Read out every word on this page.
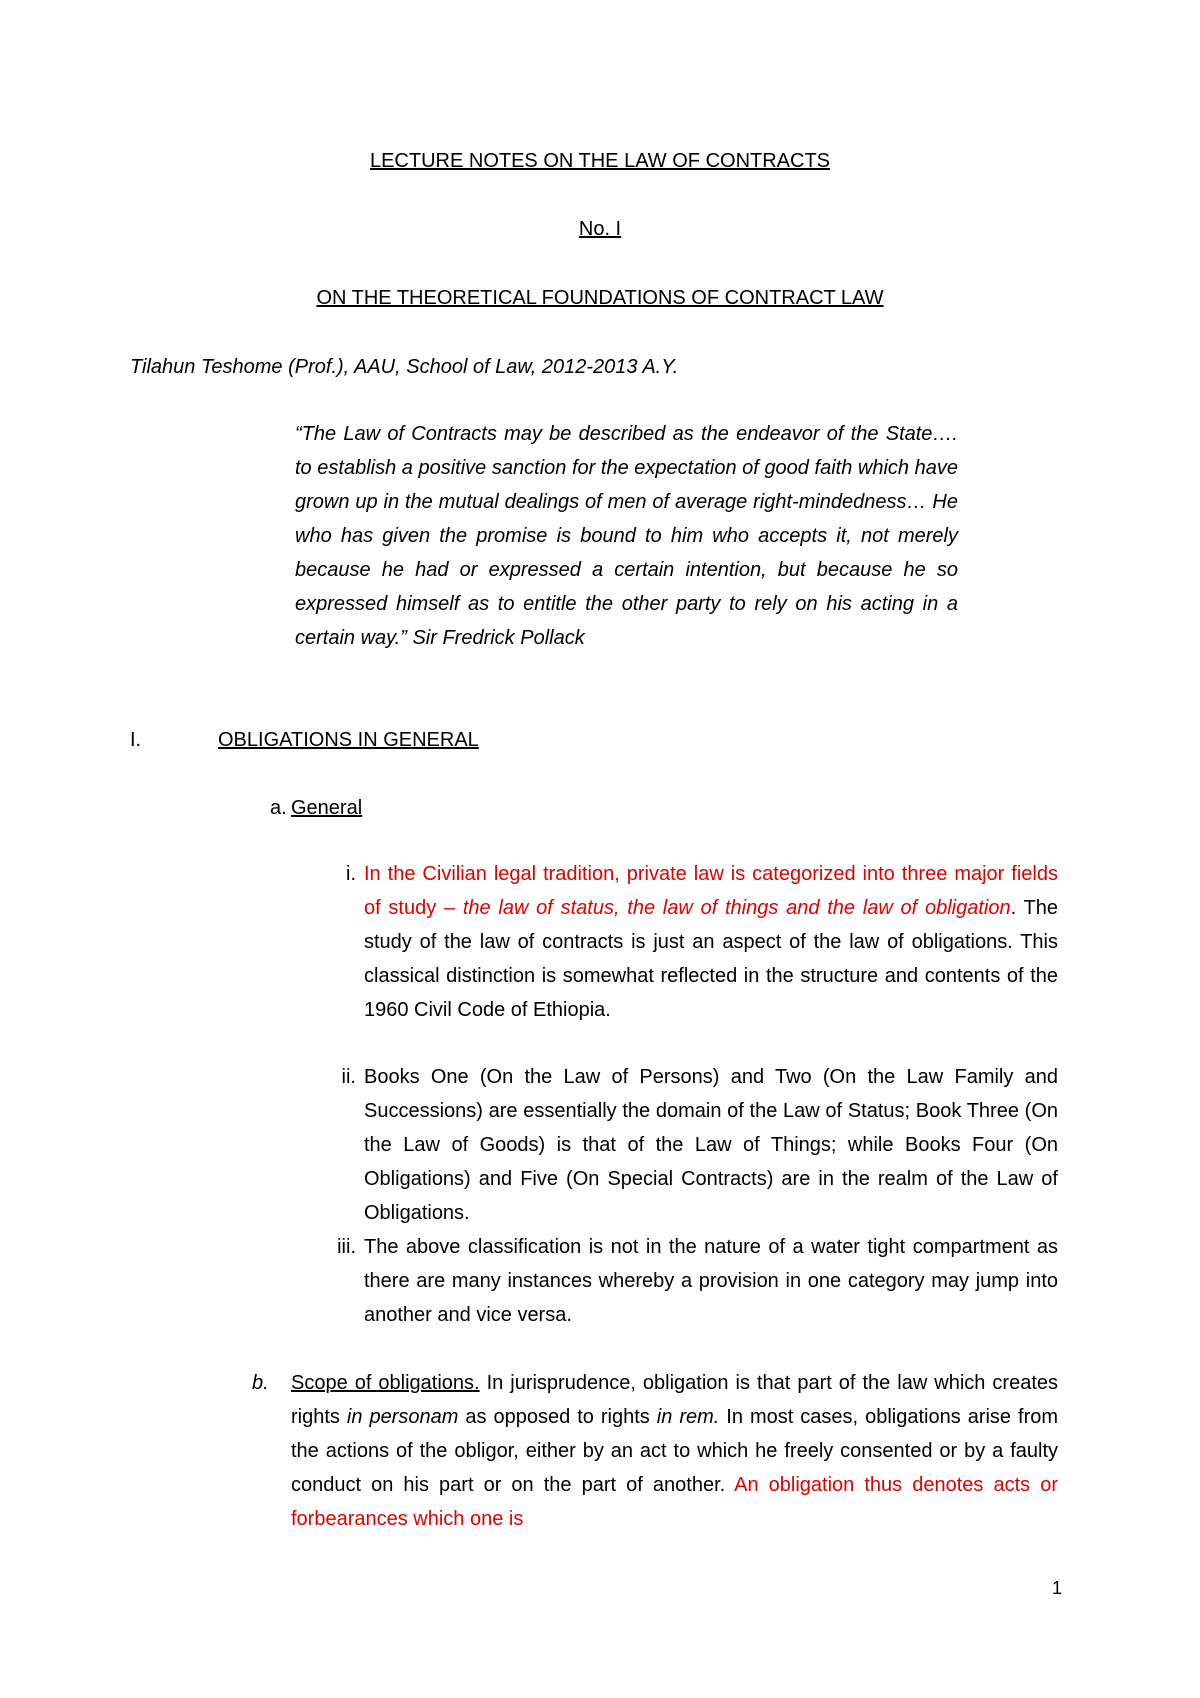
LECTURE NOTES ON THE LAW OF CONTRACTS

No. I

ON THE THEORETICAL FOUNDATIONS OF CONTRACT LAW

Tilahun Teshome (Prof.), AAU, School of Law, 2012-2013 A.Y.

“The Law of Contracts may be described as the endeavor of the State…. to establish a positive sanction for the expectation of good faith which have grown up in the mutual dealings of men of average right-mindedness… He who has given the promise is bound to him who accepts it, not merely because he had or expressed a certain intention, but because he so expressed himself as to entitle the other party to rely on his acting in a certain way.” Sir Fredrick Pollack

I.	OBLIGATIONS IN GENERAL
a. General
i. In the Civilian legal tradition, private law is categorized into three major fields of study – the law of status, the law of things and the law of obligation. The study of the law of contracts is just an aspect of the law of obligations. This classical distinction is somewhat reflected in the structure and contents of the 1960 Civil Code of Ethiopia.

ii. Books One (On the Law of Persons) and Two (On the Law Family and Successions) are essentially the domain of the Law of Status; Book Three (On the Law of Goods) is that of the Law of Things; while Books Four (On Obligations) and Five (On Special Contracts) are in the realm of the Law of Obligations.

iii. The above classification is not in the nature of a water tight compartment as there are many instances whereby a provision in one category may jump into another and vice versa.

b. Scope of obligations. In jurisprudence, obligation is that part of the law which creates rights in personam as opposed to rights in rem. In most cases, obligations arise from the actions of the obligor, either by an act to which he freely consented or by a faulty conduct on his part or on the part of another. An obligation thus denotes acts or forbearances which one is

1
